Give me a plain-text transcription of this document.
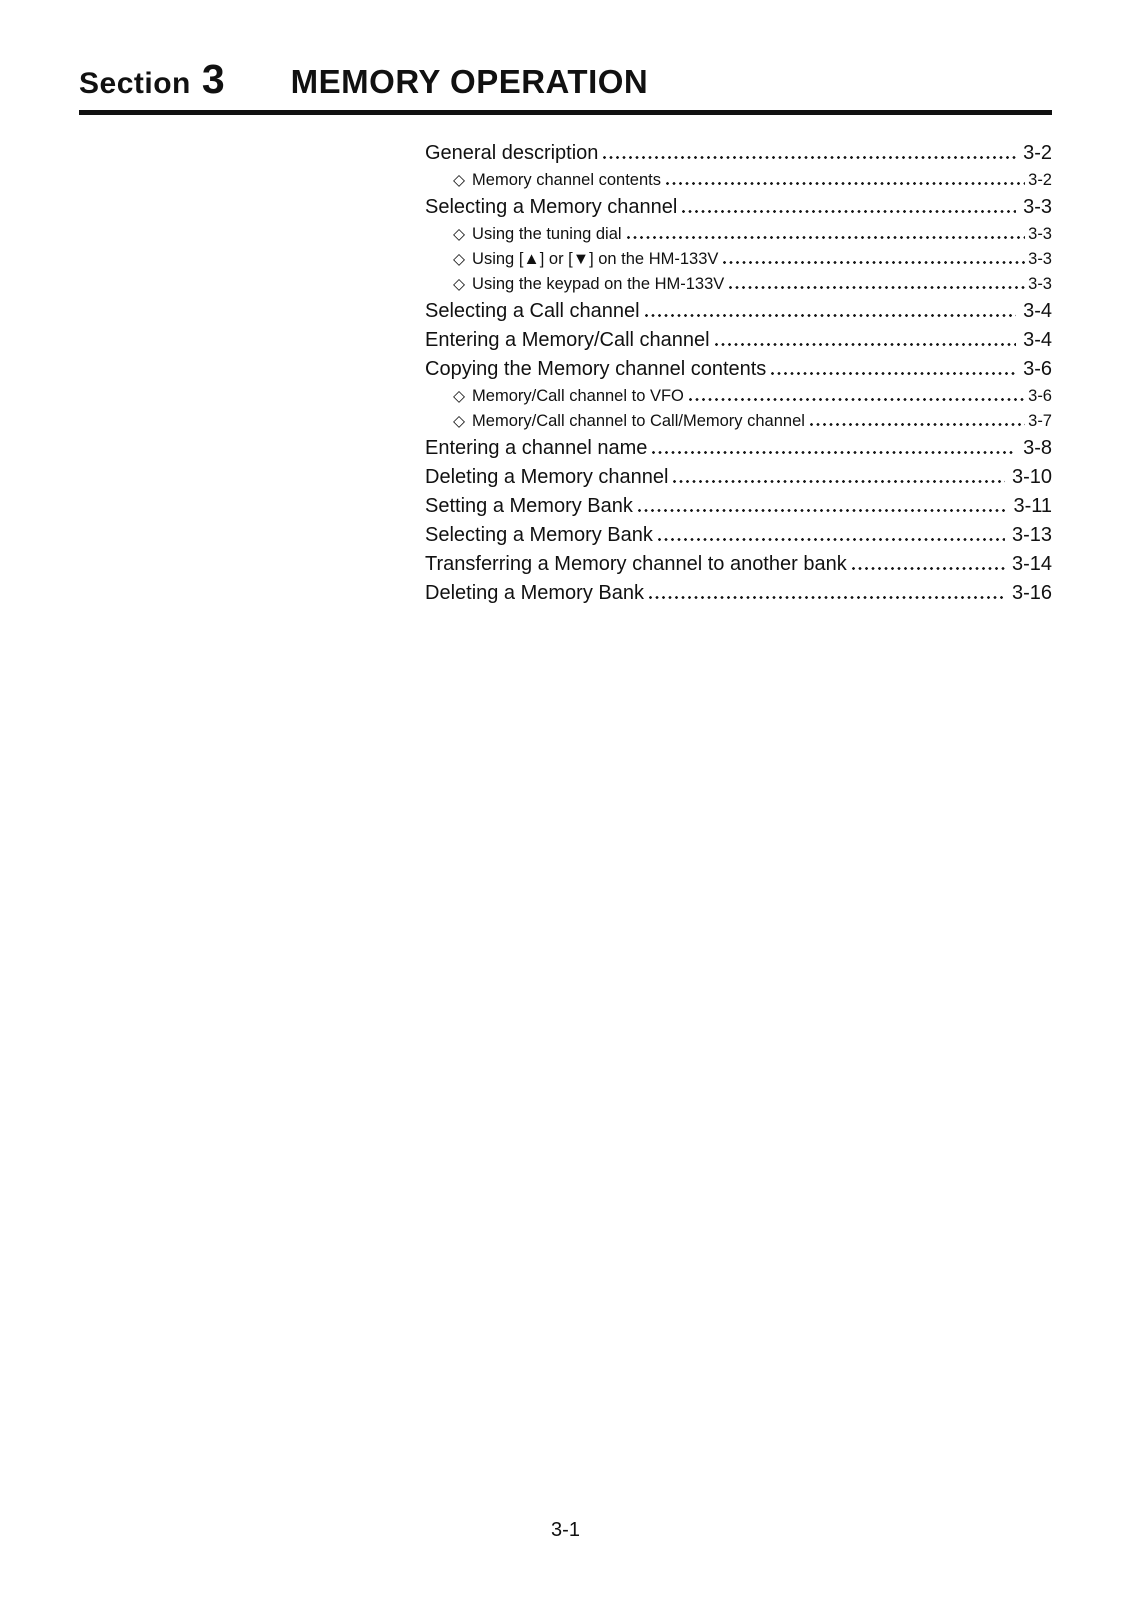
Section 3 MEMORY OPERATION
General description	3-2
◇ Memory channel contents	3-2
Selecting a Memory channel	3-3
◇ Using the tuning dial	3-3
◇ Using [▲] or [▼] on the HM-133V	3-3
◇ Using the keypad on the HM-133V	3-3
Selecting a Call channel	3-4
Entering a Memory/Call channel	3-4
Copying the Memory channel contents	3-6
◇ Memory/Call channel to VFO	3-6
◇ Memory/Call channel to Call/Memory channel	3-7
Entering a channel name	3-8
Deleting a Memory channel	3-10
Setting a Memory Bank	3-11
Selecting a Memory Bank	3-13
Transferring a Memory channel to another bank	3-14
Deleting a Memory Bank	3-16
3-1
